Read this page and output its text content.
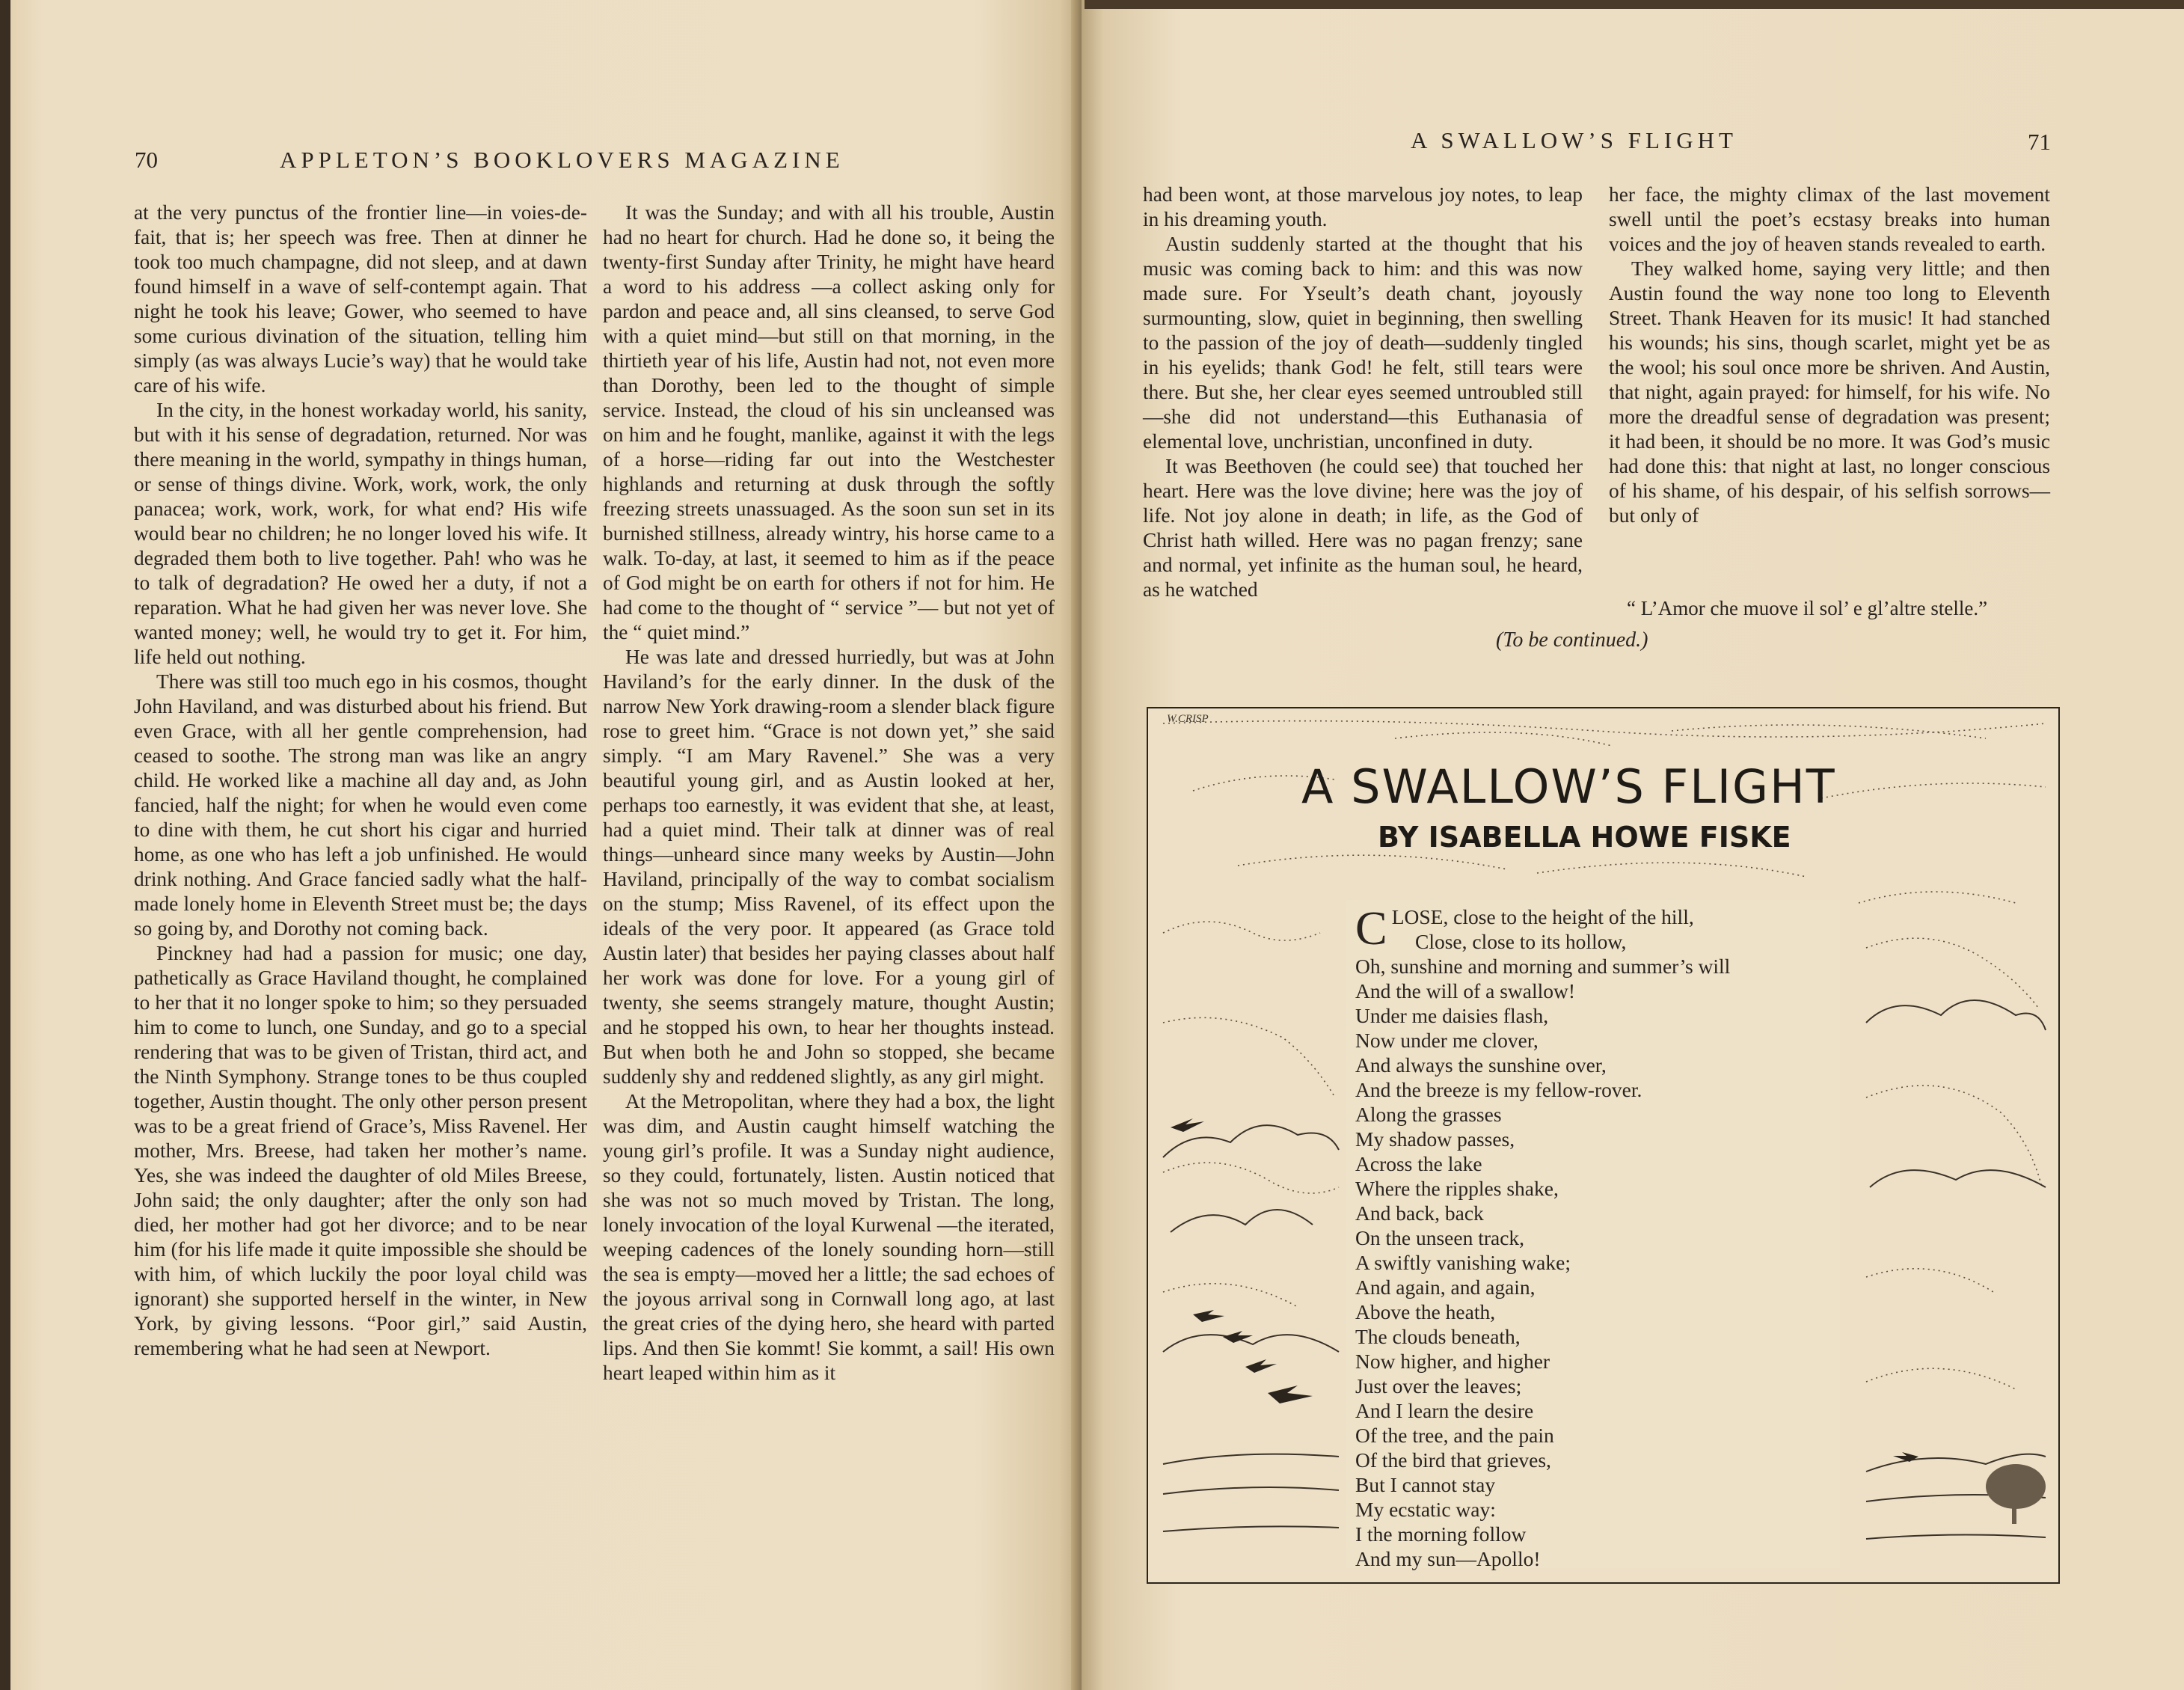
70	APPLETON’S BOOKLOVERS MAGAZINE

at the very punctus of the frontier line—in voies-de-fait, that is; her speech was free. Then at dinner he took too much champagne, did not sleep, and at dawn found himself in a wave of self-contempt again. That night he took his leave; Gower, who seemed to have some curious divination of the situation, telling him simply (as was always Lucie’s way) that he would take care of his wife.

In the city, in the honest workaday world, his sanity, but with it his sense of degradation, returned. Nor was there meaning in the world, sympathy in things human, or sense of things divine. Work, work, work, the only panacea; work, work, work, for what end? His wife would bear no children; he no longer loved his wife. It degraded them both to live together. Pah! who was he to talk of degradation? He owed her a duty, if not a reparation. What he had given her was never love. She wanted money; well, he would try to get it. For him, life held out nothing.

There was still too much ego in his cosmos, thought John Haviland, and was disturbed about his friend. But even Grace, with all her gentle comprehension, had ceased to soothe. The strong man was like an angry child. He worked like a machine all day and, as John fancied, half the night; for when he would even come to dine with them, he cut short his cigar and hurried home, as one who has left a job unfinished. He would drink nothing. And Grace fancied sadly what the half-made lonely home in Eleventh Street must be; the days so going by, and Dorothy not coming back.

Pinckney had had a passion for music; one day, pathetically as Grace Haviland thought, he complained to her that it no longer spoke to him; so they persuaded him to come to lunch, one Sunday, and go to a special rendering that was to be given of Tristan, third act, and the Ninth Symphony. Strange tones to be thus coupled together, Austin thought. The only other person present was to be a great friend of Grace’s, Miss Ravenel. Her mother, Mrs. Breese, had taken her mother’s name. Yes, she was indeed the daughter of old Miles Breese, John said; the only daughter; after the only son had died, her mother had got her divorce; and to be near him (for his life made it quite impossible she should be with him, of which luckily the poor loyal child was ignorant) she supported herself in the winter, in New York, by giving lessons. “Poor girl,” said Austin, remembering what he had seen at Newport.

It was the Sunday; and with all his trouble, Austin had no heart for church. Had he done so, it being the twenty-first Sunday after Trinity, he might have heard a word to his address —a collect asking only for pardon and peace and, all sins cleansed, to serve God with a quiet mind—but still on that morning, in the thirtieth year of his life, Austin had not, not even more than Dorothy, been led to the thought of simple service. Instead, the cloud of his sin uncleansed was on him and he fought, manlike, against it with the legs of a horse—riding far out into the Westchester highlands and returning at dusk through the softly freezing streets unassuaged. As the soon sun set in its burnished stillness, already wintry, his horse came to a walk. To-day, at last, it seemed to him as if the peace of God might be on earth for others if not for him. He had come to the thought of “ service ”— but not yet of the “ quiet mind.”

He was late and dressed hurriedly, but was at John Haviland’s for the early dinner. In the dusk of the narrow New York drawing-room a slender black figure rose to greet him. “Grace is not down yet,” she said simply. “I am Mary Ravenel.” She was a very beautiful young girl, and as Austin looked at her, perhaps too earnestly, it was evident that she, at least, had a quiet mind. Their talk at dinner was of real things—unheard since many weeks by Austin—John Haviland, principally of the way to combat socialism on the stump; Miss Ravenel, of its effect upon the ideals of the very poor. It appeared (as Grace told Austin later) that besides her paying classes about half her work was done for love. For a young girl of twenty, she seems strangely mature, thought Austin; and he stopped his own, to hear her thoughts instead. But when both he and John so stopped, she became suddenly shy and reddened slightly, as any girl might.

At the Metropolitan, where they had a box, the light was dim, and Austin caught himself watching the young girl’s profile. It was a Sunday night audience, so they could, fortunately, listen. Austin noticed that she was not so much moved by Tristan. The long, lonely invocation of the loyal Kurwenal —the iterated, weeping cadences of the lonely sounding horn—still the sea is empty—moved her a little; the sad echoes of the joyous arrival song in Cornwall long ago, at last the great cries of the dying hero, she heard with parted lips. And then Sie kommt! Sie kommt, a sail! His own heart leaped within him as it

A SWALLOW’S FLIGHT	71

had been wont, at those marvelous joy notes, to leap in his dreaming youth.

Austin suddenly started at the thought that his music was coming back to him: and this was now made sure. For Yseult’s death chant, joyously surmounting, slow, quiet in beginning, then swelling to the passion of the joy of death—suddenly tingled in his eyelids; thank God! he felt, still tears were there. But she, her clear eyes seemed untroubled still—she did not understand—this Euthanasia of elemental love, unchristian, unconfined in duty.

It was Beethoven (he could see) that touched her heart. Here was the love divine; here was the joy of life. Not joy alone in death; in life, as the God of Christ hath willed. Here was no pagan frenzy; sane and normal, yet infinite as the human soul, he heard, as he watched

her face, the mighty climax of the last movement swell until the poet’s ecstasy breaks into human voices and the joy of heaven stands revealed to earth.

They walked home, saying very little; and then Austin found the way none too long to Eleventh Street. Thank Heaven for its music! It had stanched his wounds; his sins, though scarlet, might yet be as the wool; his soul once more be shriven. And Austin, that night, again prayed: for himself, for his wife. No more the dreadful sense of degradation was present; it had been, it should be no more. It was God’s music had done this: that night at last, no longer conscious of his shame, of his despair, of his selfish sorrows—but only of

“ L’Amor che muove il sol’ e gl’altre stelle.”
(To be continued.)
W.CRISP
A SWALLOW’S FLIGHT
BY ISABELLA HOWE FISKE
CLOSE, close to the height of the hill,
Close, close to its hollow,
Oh, sunshine and morning and summer’s will
And the will of a swallow!
Under me daisies flash,
Now under me clover,
And always the sunshine over,
And the breeze is my fellow-rover.
Along the grasses
My shadow passes,
Across the lake
Where the ripples shake,
And back, back
On the unseen track,
A swiftly vanishing wake;
And again, and again,
Above the heath,
The clouds beneath,
Now higher, and higher
Just over the leaves;
And I learn the desire
Of the tree, and the pain
Of the bird that grieves,
But I cannot stay
My ecstatic way:
I the morning follow
And my sun—Apollo!
